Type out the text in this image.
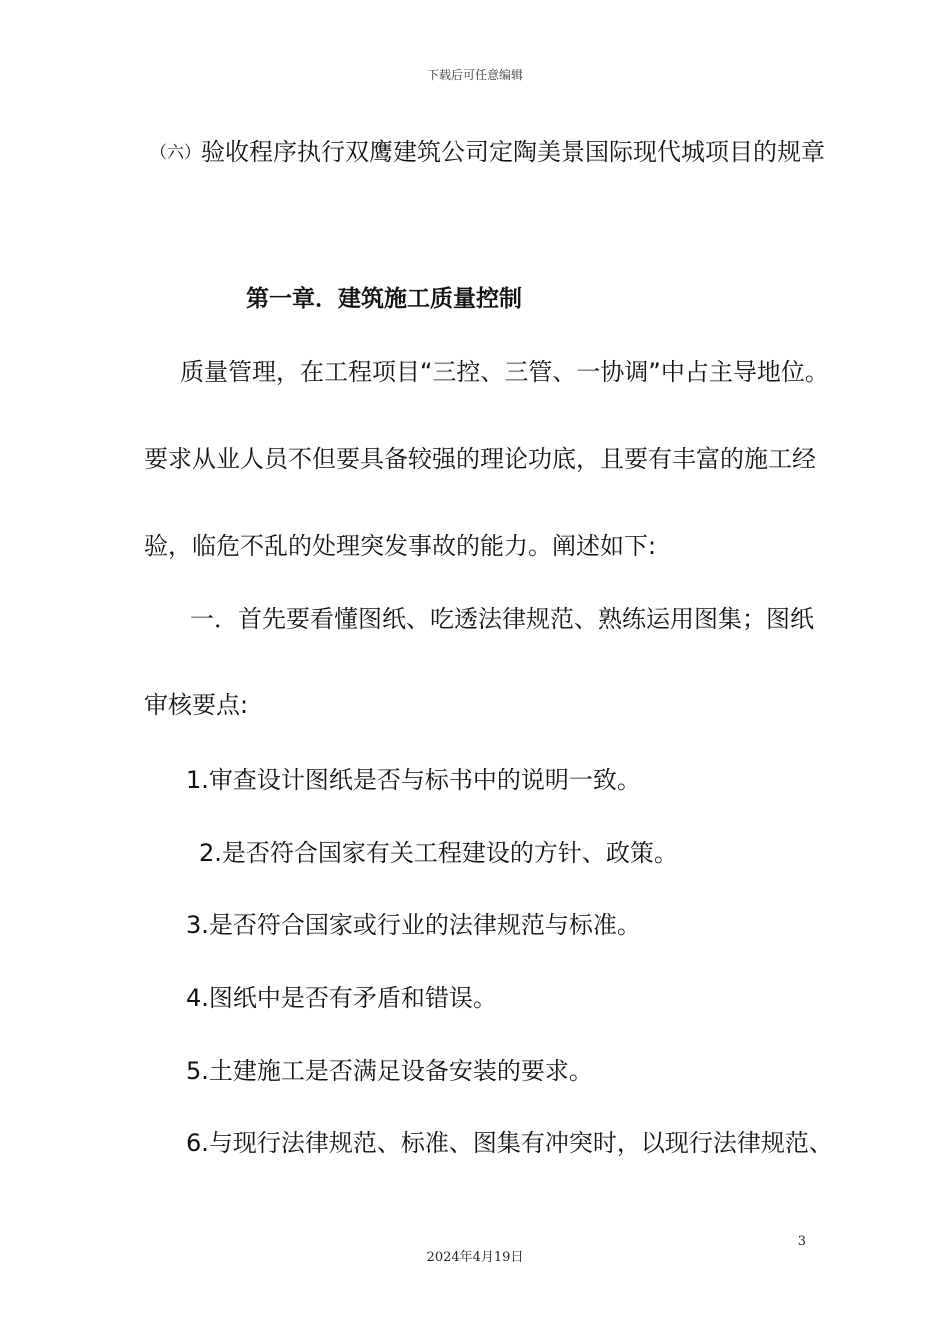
下载后可任意编辑
（六）验收程序执行双鹰建筑公司定陶美景国际现代城项目的规章
第一章．建筑施工质量控制
质量管理，在工程项目“三控、三管、一协调”中占主导地位。
要求从业人员不但要具备较强的理论功底，且要有丰富的施工经
验，临危不乱的处理突发事故的能力。阐述如下:
一．首先要看懂图纸、吃透法律规范、熟练运用图集；图纸
审核要点:
1.审查设计图纸是否与标书中的说明一致。
2.是否符合国家有关工程建设的方针、政策。
3.是否符合国家或行业的法律规范与标准。
4.图纸中是否有矛盾和错误。
5.土建施工是否满足设备安装的要求。
6.与现行法律规范、标准、图集有冲突时，以现行法律规范、
3
2024年4月19日
